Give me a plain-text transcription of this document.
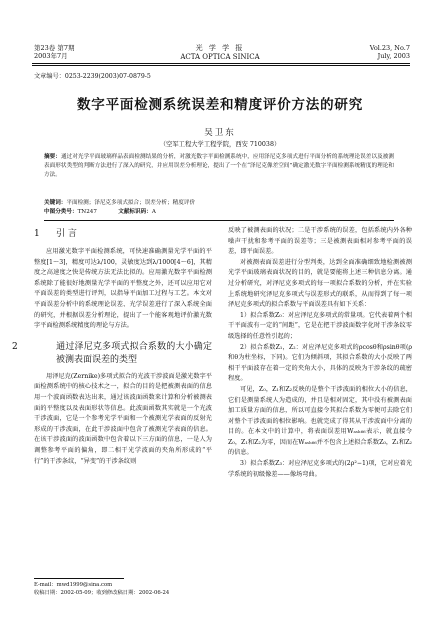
第23卷 第7期
2003年7月
光 学 学 报
ACTA OPTICA SINICA
Vol.23, No.7
July, 2003
文章编号：0253-2239(2003)07-0879-5
数字平面检测系统误差和精度评价方法的研究
吴卫东
（空军工程大学工程学院，西安 710038）
摘要：通过对光学平面玻璃样品表面检测结果的分析，对激光数字平面检测系统中，应用泽尼克多项式进行平面分析的系统理论误差以及被测表面形状类型的判断方法进行了深入的研究，并应用误差分析理论，提出了一个在“泽尼克像差空间”确定激光数字平面检测系统精度的理论和方法。
关键词：平面检测；泽尼克多项式拟合；误差分析；精度评价
中图分类号：TN247	文献标识码：A
1 引 言

应用激光数字平面检测系统，可快速准确测量光学平面的平整度[1～3]，精度可达λ/100，灵敏度达到λ/1000[4～6]，其精度之高速度之快是传统方法无法比拟的。应用激光数字平面检测系统除了能很好地测量光学平面的平整度之外，还可以应用它对平面误差的类型进行评判，以指导平面加工过程与工艺。本文对平面误差分析中的系统理论误差、光学误差进行了深入系统全面的研究，并根据误差分析理论，提出了一个能客观地评价激光数字平面检测系统精度的理论与方法。

2	通过泽尼克多项式拟合系数的大小确定被测表面误差的类型

用泽尼克(Zernike)多项式拟合的光波干涉波面是激光数字平面检测系统中的核心技术之一，拟合的目的是把被测表面的信息用一个波面函数表达出来，通过该波面函数来计算和分析被测表面的平整度以及表面形状等信息。此波面函数其实就是一个光波干涉波面，它是一个参考光学平面和一个被测光学表面的反射光形成的干涉波面，在此干涉波面中包含了被测光学表面的信息。在该干涉波面的波面函数中包含着以下三方面的信息，一是人为调整参考平面的偏角，即二相干光学波面的夹角所形成的“平行”的干涉条纹，“异变”的干涉条纹则

E-mail：mwd1999@sina.com
收稿日期：2002-05-09；收到修改稿日期：2002-06-24

反映了被测表面的状况；二是干涉系统的误差，包括系统内外各种噪声干扰和参考平面的误差等；三是被测表面相对参考平面的误差，即平面误差。

对被测表面误差进行分型判类，达到全面准确细致地检测被测光学平面玻璃表面状况的目的，就是要能将上述三种信息分离。通过分析研究，对泽尼克多项式的每一项拟合系数的分析，并在实验上系统地研究泽尼克多项式与误差形式的联系，从而得到了每一项泽尼克多项式的拟合系数与平面误差具有如下关系：

1）拟合系数Z₀：对应泽尼克多项式的常量项。它代表着两个相干平面波有一定的“间距”，它是在把干涉波面数字化时干涉条纹零级选择的任意性引起的；

2）拟合系数Z₁，Z₂：对应泽尼克多项式的ρcosθ和ρsinθ项(ρ和θ为柱坐标，下同)。它们为倾斜项，其拟合系数的大小反映了两相干平面波存在着一定的夹角大小，具体的反映为干涉条纹的疏密程度。

可见，Z₀，Z₁和Z₂反映的是整个干涉波面的相位大小的信息，它们是测量系统人为造成的，并且是相对固定，其中没有被测表面加工质量方面的信息，所以可直接令其拟合系数为零便可去除它们对整个干涉波面的相位影响。也就完成了得其从干涉波面中分离的目的。在本文中的计算中，将表面误差用Wₐₛₕ₆₆表示，就直接令Z₀，Z₁和Z₂为零，因而在Wₐₛₕ₆₆并不包含上述拟合系数Z₀，Z₁和Z₂的信息。

3）拟合系数Z₃：对应泽尼克多项式的(2ρ²−1)项，它对应着光学系统的初级像差——像场弯曲。
